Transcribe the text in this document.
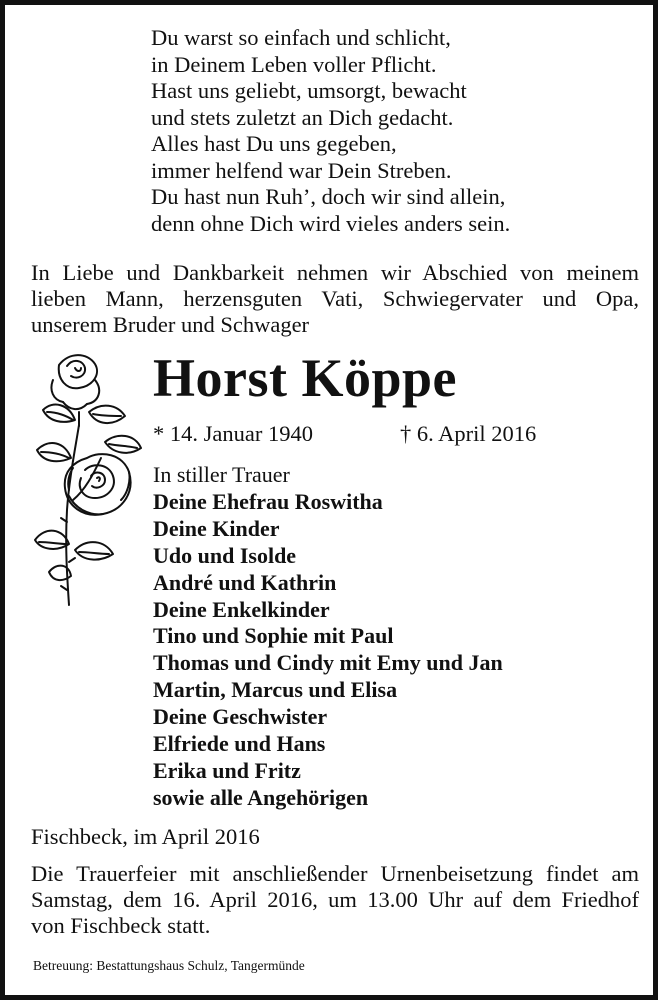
Du warst so einfach und schlicht,
in Deinem Leben voller Pflicht.
Hast uns geliebt, umsorgt, bewacht
und stets zuletzt an Dich gedacht.
Alles hast Du uns gegeben,
immer helfend war Dein Streben.
Du hast nun Ruh’, doch wir sind allein,
denn ohne Dich wird vieles anders sein.
In Liebe und Dankbarkeit nehmen wir Abschied von meinem
lieben Mann, herzensguten Vati, Schwiegervater und Opa,
unserem Bruder und Schwager
Horst Köppe
* 14. Januar 1940	† 6. April 2016
In stiller Trauer
Deine Ehefrau Roswitha
Deine Kinder
Udo und Isolde
André und Kathrin
Deine Enkelkinder
Tino und Sophie mit Paul
Thomas und Cindy mit Emy und Jan
Martin, Marcus und Elisa
Deine Geschwister
Elfriede und Hans
Erika und Fritz
sowie alle Angehörigen
Fischbeck, im April 2016
Die Trauerfeier mit anschließender Urnenbeisetzung findet am
Samstag, dem 16. April 2016, um 13.00 Uhr auf dem Friedhof
von Fischbeck statt.
Betreuung: Bestattungshaus Schulz, Tangermünde
